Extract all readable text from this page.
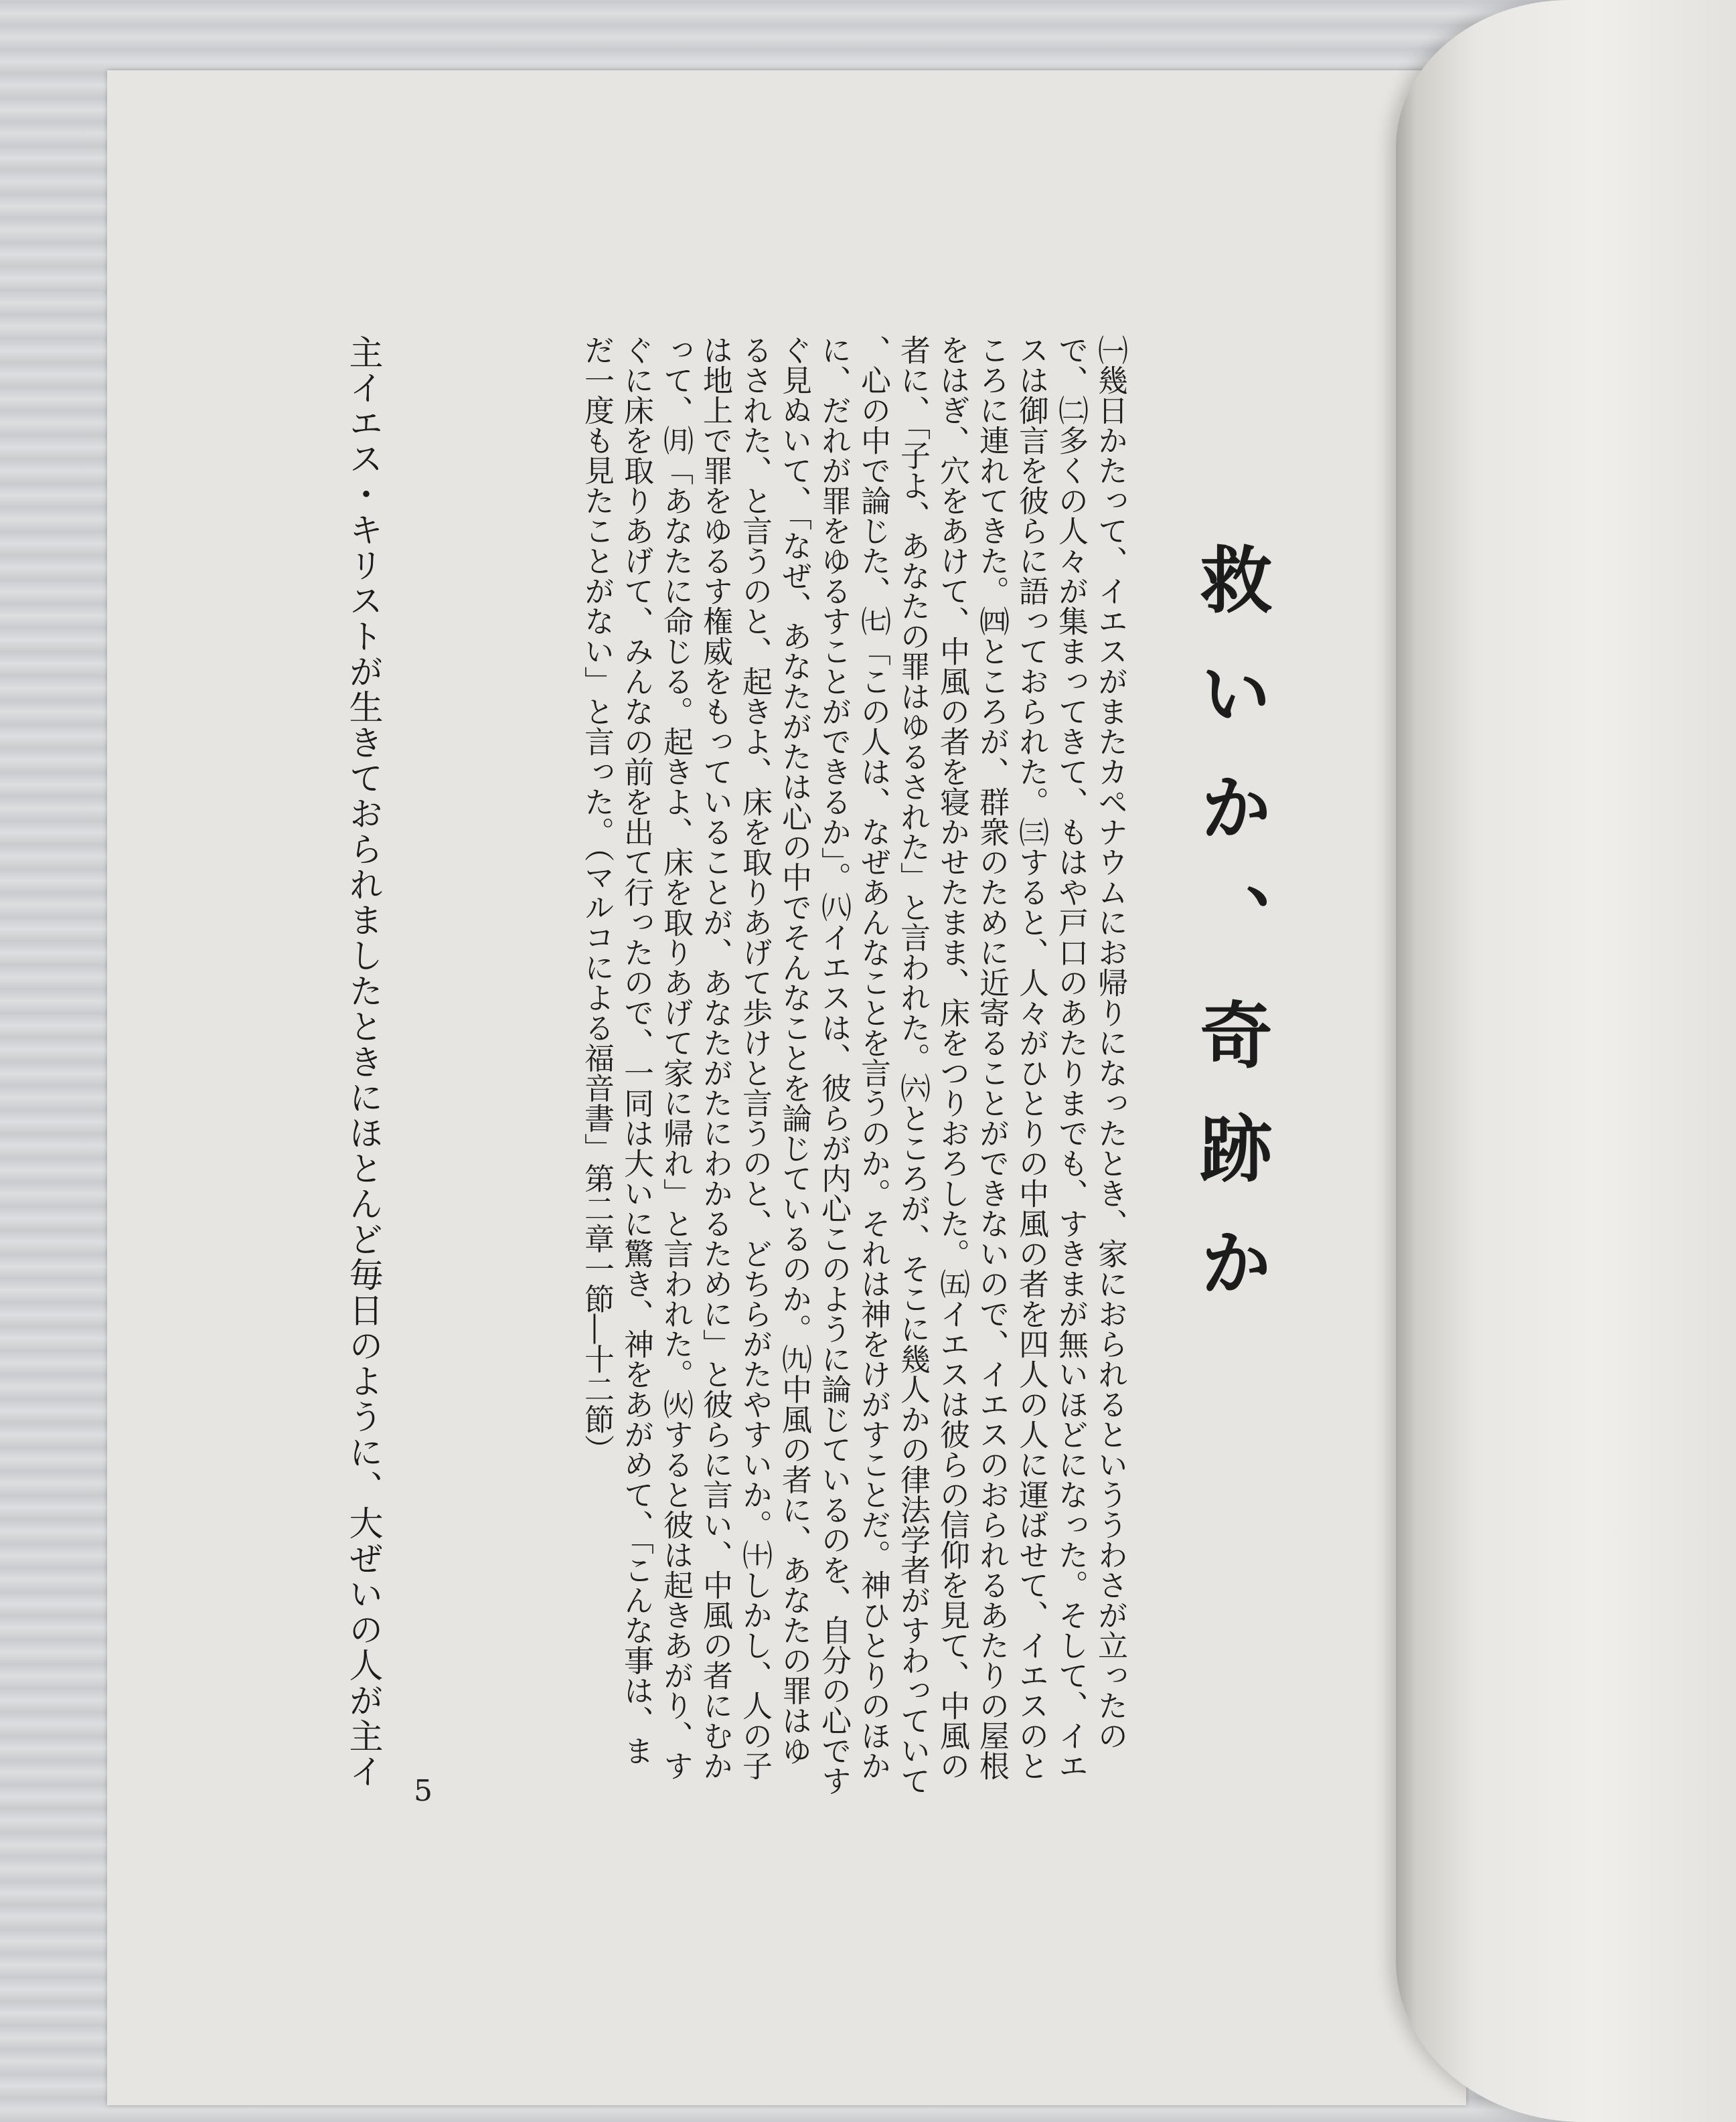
救いか、奇跡か
㈠幾日かたって、イエスがまたカペナウムにお帰りになったとき、家におられるといううわさが立ったの
で、㈡多くの人々が集まってきて、もはや戸口のあたりまでも、すきまが無いほどになった。そして、イエ
スは御言を彼らに語っておられた。㈢すると、人々がひとりの中風の者を四人の人に運ばせて、イエスのと
ころに連れてきた。㈣ところが、群衆のために近寄ることができないので、イエスのおられるあたりの屋根
をはぎ、穴をあけて、中風の者を寝かせたまま、床をつりおろした。㈤イエスは彼らの信仰を見て、中風の
者に、「子よ、あなたの罪はゆるされた」と言われた。㈥ところが、そこに幾人かの律法学者がすわっていて
、心の中で論じた、㈦「この人は、なぜあんなことを言うのか。それは神をけがすことだ。神ひとりのほか
に、だれが罪をゆるすことができるか」。㈧イエスは、彼らが内心このように論じているのを、自分の心です
ぐ見ぬいて、「なぜ、あなたがたは心の中でそんなことを論じているのか。㈨中風の者に、あなたの罪はゆ
るされた、と言うのと、起きよ、床を取りあげて歩けと言うのと、どちらがたやすいか。㈩しかし、人の子
は地上で罪をゆるす権威をもっていることが、あなたがたにわかるために」と彼らに言い、中風の者にむか
って、㈪「あなたに命じる。起きよ、床を取りあげて家に帰れ」と言われた。㈫すると彼は起きあがり、す
ぐに床を取りあげて、みんなの前を出て行ったので、一同は大いに驚き、神をあがめて、「こんな事は、ま
だ一度も見たことがない」と言った。（マルコによる福音書」第二章一節―十二節）
主イエス・キリストが生きておられましたときにほとんど毎日のように、大ぜいの人が主イ
5
